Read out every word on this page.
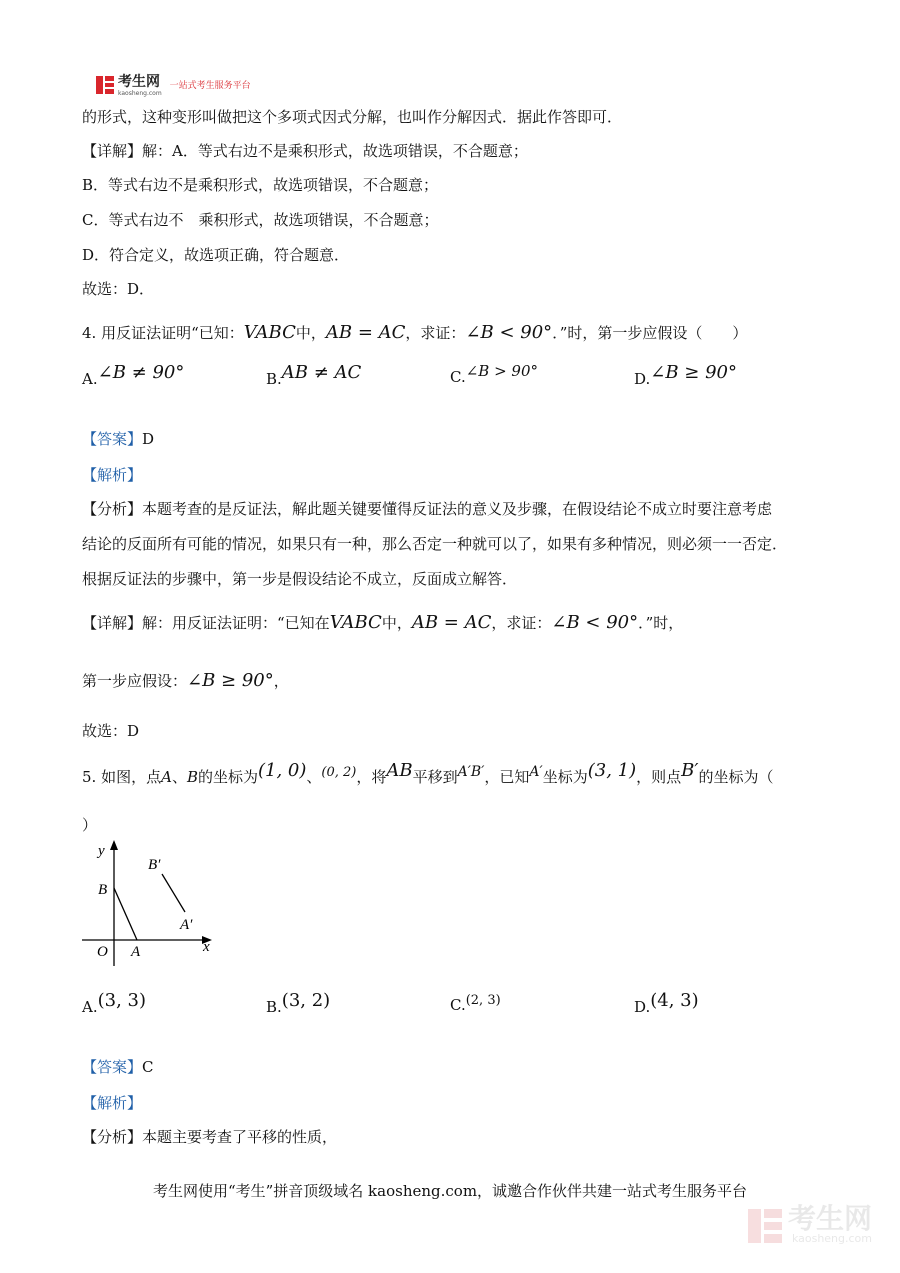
考生网
kaosheng.com
一站式考生服务平台
的形式，这种变形叫做把这个多项式因式分解，也叫作分解因式．据此作答即可．
【详解】解：A．等式右边不是乘积形式，故选项错误，不合题意；
B．等式右边不是乘积形式，故选项错误，不合题意；
C．等式右边不　乘积形式，故选项错误，不合题意；
D．符合定义，故选项正确，符合题意．
故选：D．
4. 用反证法证明“已知：VABC中，AB = AC，求证：∠B < 90°．”时，第一步应假设（　　）
A.∠B ≠ 90°	B.AB ≠ AC	C.∠B > 90°	D.∠B ≥ 90°
【答案】D
【解析】
【分析】本题考查的是反证法，解此题关键要懂得反证法的意义及步骤，在假设结论不成立时要注意考虑
结论的反面所有可能的情况，如果只有一种，那么否定一种就可以了，如果有多种情况，则必须一一否定．
根据反证法的步骤中，第一步是假设结论不成立，反面成立解答．
【详解】解：用反证法证明：“已知在VABC中，AB = AC，求证：∠B < 90°．”时，
第一步应假设：∠B ≥ 90°，
故选：D
5. 如图，点A、B的坐标为(1, 0)、(0, 2)，将AB平移到A′B′，已知A′坐标为(3, 1)，则点B′的坐标为（
）
y
x
O A
B
A′
B′
A.(3, 3)	B.(3, 2)	C.(2, 3)	D.(4, 3)
【答案】C
【解析】
【分析】本题主要考查了平移的性质，
考生网使用“考生”拼音顶级域名 kaosheng.com，诚邀合作伙伴共建一站式考生服务平台
考生网
kaosheng.com
